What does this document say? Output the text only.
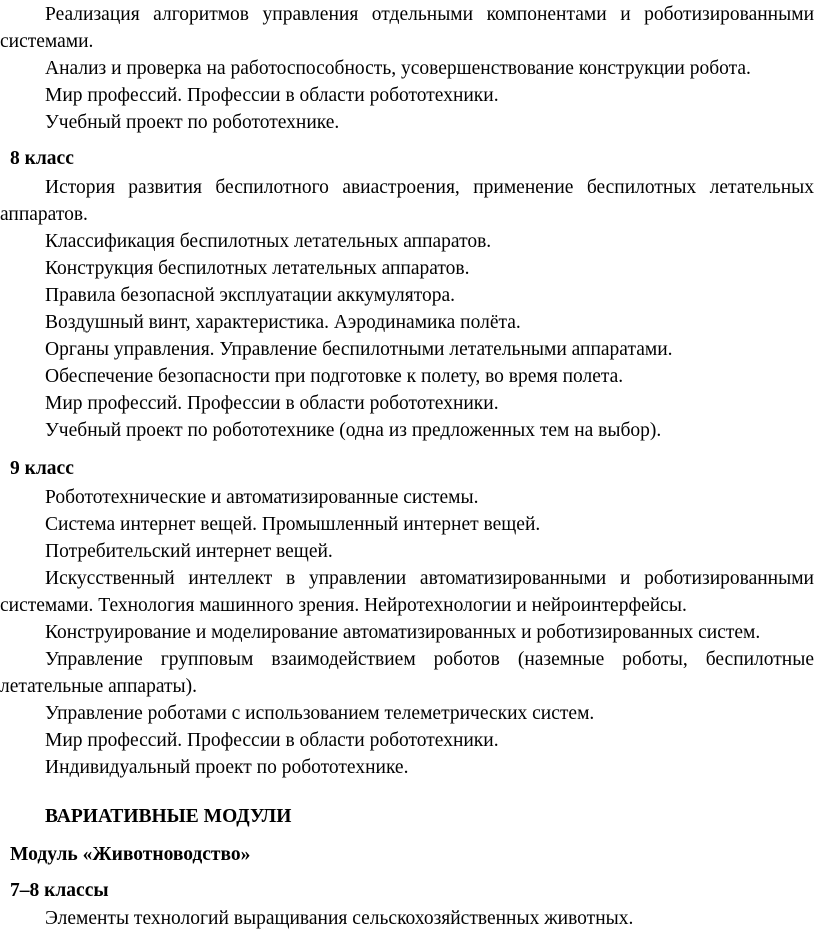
Реализация алгоритмов управления отдельными компонентами и роботизированными системами.
Анализ и проверка на работоспособность, усовершенствование конструкции робота.
Мир профессий. Профессии в области робототехники.
Учебный проект по робототехнике.
8 класс
История развития беспилотного авиастроения, применение беспилотных летательных аппаратов.
Классификация беспилотных летательных аппаратов.
Конструкция беспилотных летательных аппаратов.
Правила безопасной эксплуатации аккумулятора.
Воздушный винт, характеристика. Аэродинамика полёта.
Органы управления. Управление беспилотными летательными аппаратами.
Обеспечение безопасности при подготовке к полету, во время полета.
Мир профессий. Профессии в области робототехники.
Учебный проект по робототехнике (одна из предложенных тем на выбор).
9 класс
Робототехнические и автоматизированные системы.
Система интернет вещей. Промышленный интернет вещей.
Потребительский интернет вещей.
Искусственный интеллект в управлении автоматизированными и роботизированными системами. Технология машинного зрения. Нейротехнологии и нейроинтерфейсы.
Конструирование и моделирование автоматизированных и роботизированных систем.
Управление групповым взаимодействием роботов (наземные роботы, беспилотные летательные аппараты).
Управление роботами с использованием телеметрических систем.
Мир профессий. Профессии в области робототехники.
Индивидуальный проект по робототехнике.
ВАРИАТИВНЫЕ МОДУЛИ
Модуль «Животноводство»
7–8 классы
Элементы технологий выращивания сельскохозяйственных животных.
